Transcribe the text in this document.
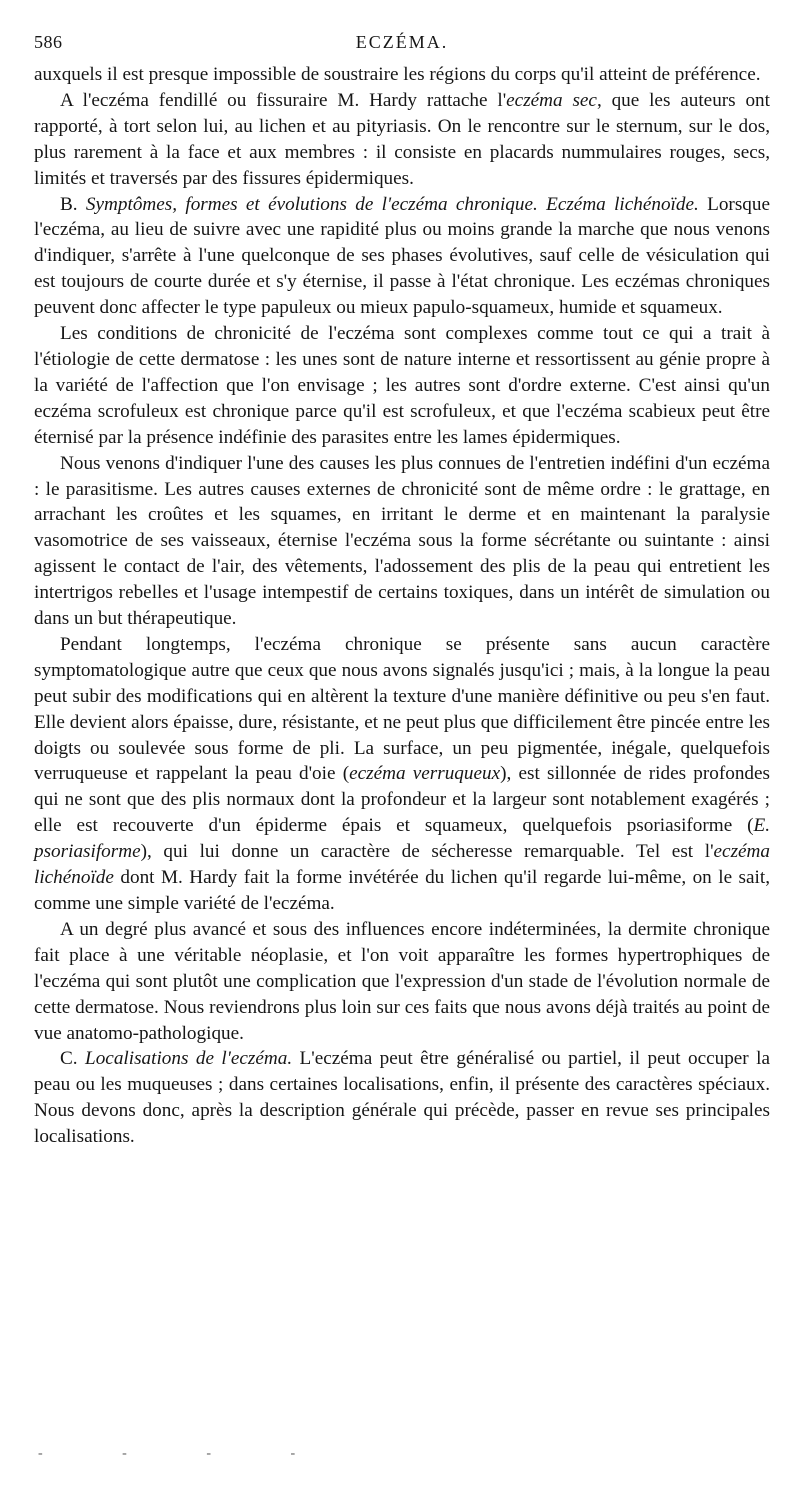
586	ECZÉMA.

auxquels il est presque impossible de soustraire les régions du corps qu'il atteint de préférence.

A l'eczéma fendillé ou fissuraire M. Hardy rattache l'eczéma sec, que les auteurs ont rapporté, à tort selon lui, au lichen et au pityriasis. On le rencontre sur le sternum, sur le dos, plus rarement à la face et aux membres : il consiste en placards nummulaires rouges, secs, limités et traversés par des fissures épidermiques.

B. Symptômes, formes et évolutions de l'eczéma chronique. Eczéma lichénoïde. Lorsque l'eczéma, au lieu de suivre avec une rapidité plus ou moins grande la marche que nous venons d'indiquer, s'arrête à l'une quelconque de ses phases évolutives, sauf celle de vésiculation qui est toujours de courte durée et s'y éternise, il passe à l'état chronique. Les eczémas chroniques peuvent donc affecter le type papuleux ou mieux papulo-squameux, humide et squameux.

Les conditions de chronicité de l'eczéma sont complexes comme tout ce qui a trait à l'étiologie de cette dermatose : les unes sont de nature interne et ressortissent au génie propre à la variété de l'affection que l'on envisage ; les autres sont d'ordre externe. C'est ainsi qu'un eczéma scrofuleux est chronique parce qu'il est scrofuleux, et que l'eczéma scabieux peut être éternisé par la présence indéfinie des parasites entre les lames épidermiques.

Nous venons d'indiquer l'une des causes les plus connues de l'entretien indéfini d'un eczéma : le parasitisme. Les autres causes externes de chronicité sont de même ordre : le grattage, en arrachant les croûtes et les squames, en irritant le derme et en maintenant la paralysie vasomotrice de ses vaisseaux, éternise l'eczéma sous la forme sécrétante ou suintante : ainsi agissent le contact de l'air, des vêtements, l'adossement des plis de la peau qui entretient les intertrigos rebelles et l'usage intempestif de certains toxiques, dans un intérêt de simulation ou dans un but thérapeutique.

Pendant longtemps, l'eczéma chronique se présente sans aucun caractère symptomatologique autre que ceux que nous avons signalés jusqu'ici ; mais, à la longue la peau peut subir des modifications qui en altèrent la texture d'une manière définitive ou peu s'en faut. Elle devient alors épaisse, dure, résistante, et ne peut plus que difficilement être pincée entre les doigts ou soulevée sous forme de pli. La surface, un peu pigmentée, inégale, quelquefois verruqueuse et rappelant la peau d'oie (eczéma verruqueux), est sillonnée de rides profondes qui ne sont que des plis normaux dont la profondeur et la largeur sont notablement exagérés ; elle est recouverte d'un épiderme épais et squameux, quelquefois psoriasiforme (E. psoriasiforme), qui lui donne un caractère de sécheresse remarquable. Tel est l'eczéma lichénoïde dont M. Hardy fait la forme invétérée du lichen qu'il regarde lui-même, on le sait, comme une simple variété de l'eczéma.

A un degré plus avancé et sous des influences encore indéterminées, la dermite chronique fait place à une véritable néoplasie, et l'on voit apparaître les formes hypertrophiques de l'eczéma qui sont plutôt une complication que l'expression d'un stade de l'évolution normale de cette dermatose. Nous reviendrons plus loin sur ces faits que nous avons déjà traités au point de vue anatomo-pathologique.

C. Localisations de l'eczéma. L'eczéma peut être généralisé ou partiel, il peut occuper la peau ou les muqueuses ; dans certaines localisations, enfin, il présente des caractères spéciaux. Nous devons donc, après la description générale qui précède, passer en revue ses principales localisations.

- - - -
